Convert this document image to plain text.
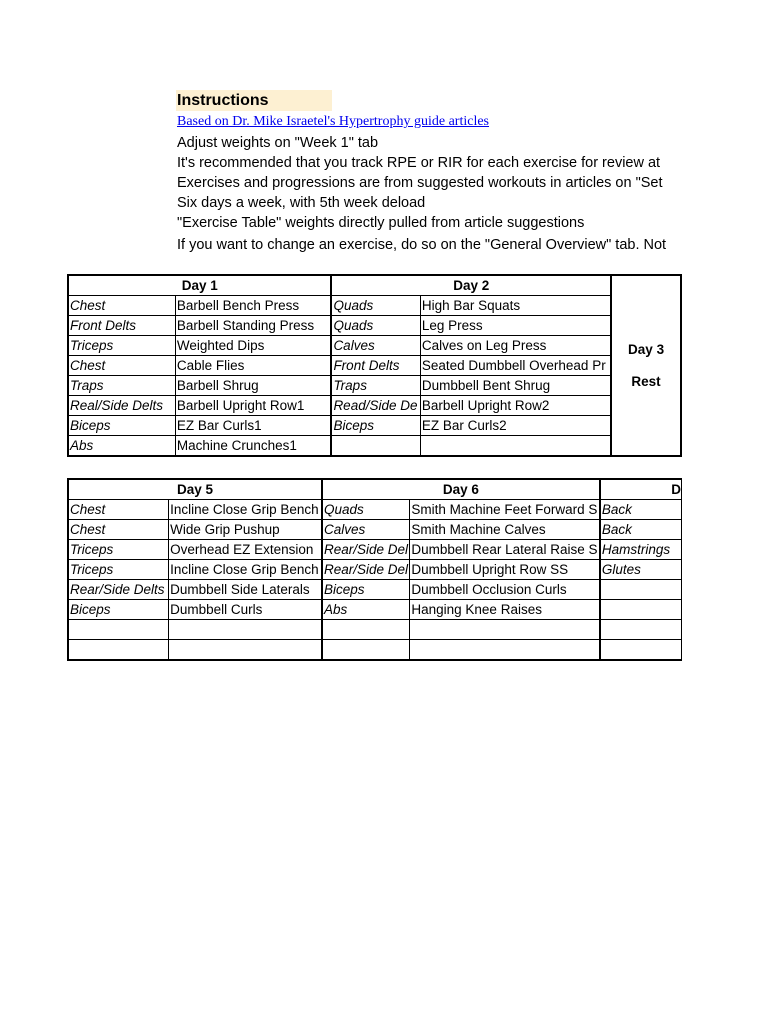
Instructions
Based on Dr. Mike Israetel's Hypertrophy guide articles
Adjust weights on "Week 1" tab
It's recommended that you track RPE or RIR for each exercise for review at
Exercises and progressions are from suggested workouts in articles on "Set
Six days a week, with 5th week deload
"Exercise Table" weights directly pulled from article suggestions
If you want to change an exercise, do so on the "General Overview" tab. Not
Day 1		Day 2		Day 3
Rest

Chest	Barbell Bench Press	Quads	High Bar Squats	
Front Delts	Barbell Standing Press	Quads	Leg Press	
Triceps	Weighted Dips	Calves	Calves on Leg Press	
Chest	Cable Flies	Front Delts	Seated Dumbbell Overhead Pr	
Traps	Barbell Shrug	Traps	Dumbbell Bent Shrug	
Real/Side Delts	Barbell Upright Row1	Read/Side De	Barbell Upright Row2	
Biceps	EZ Bar Curls1	Biceps	EZ Bar Curls2	
Abs	Machine Crunches1			
Day 5		Day 6		D
Chest	Incline Close Grip Bench	Quads	Smith Machine Feet Forward S	Back
Chest	Wide Grip Pushup	Calves	Smith Machine Calves	Back
Triceps	Overhead EZ Extension	Rear/Side Del	Dumbbell Rear Lateral Raise S	Hamstrings
Triceps	Incline Close Grip Bench	Rear/Side Del	Dumbbell Upright Row SS	Glutes
Rear/Side Delts	Dumbbell Side Laterals	Biceps	Dumbbell Occlusion Curls	
Biceps	Dumbbell Curls	Abs	Hanging Knee Raises	
